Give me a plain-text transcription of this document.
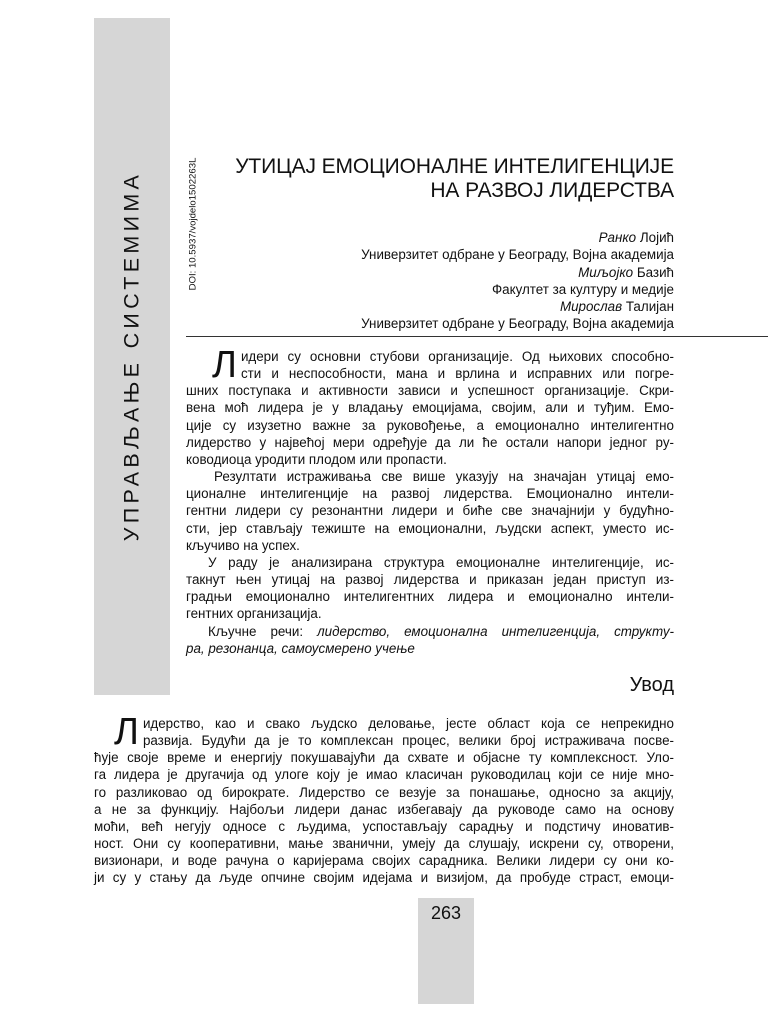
УПРАВЉАЊЕ СИСТЕМИМА	DOI: 10.5937/vojdelo1502263L	УТИЦАЈ ЕМОЦИОНАЛНЕ ИНТЕЛИГЕНЦИЈЕ
НА РАЗВОЈ ЛИДЕРСТВА
Ранко Лојић
Универзитет одбране у Београду, Војна академија
Миљојко Базић
Факултет за културу и медије
Мирослав Талијан
Универзитет одбране у Београду, Војна академија

Л идери су основни стубови организације. Од њихових способно-
сти и неспособности, мана и врлина и исправних или погре-
шних поступака и активности зависи и успешност организације. Скри-
вена моћ лидера је у владању емоцијама, својим, али и туђим. Емо-
ције су изузетно важне за руковођење, а емоционално интелигентно
лидерство у највећој мери одређује да ли ће остали напори једног ру-
ководиоца уродити плодом или пропасти.

Резултати истраживања све више указују на значајан утицај емо-
ционалне интелигенције на развој лидерства. Емоционално интели-
гентни лидери су резонантни лидери и биће све значајнији у будућно-
сти, јер стављају тежиште на емоционални, људски аспект, уместо ис-
кључиво на успех.

У раду је анализирана структура емоционалне интелигенције, ис-
такнут њен утицај на развој лидерства и приказан један приступ из-
градњи емоционално интелигентних лидера и емоционално интели-
гентних организација.

Кључне речи: лидерство, емоционална интелигенција, структу-

ра, резонанца, самоусмерено учење

Увод

Л идерство, као и свако људско деловање, јесте област која се непрекидно
развија. Будући да је то комплексан процес, велики број истраживача посве-
ћује своје време и енергију покушавајући да схвате и објасне ту комплексност. Уло-
га лидера је другачија од улоге коју је имао класичан руководилац који се није мно-
го разликовао од бирократе. Лидерство се везује за понашање, односно за акцију,
а не за функцију. Најбољи лидери данас избегавају да руководе само на основу
моћи, већ негују односе с људима, успостављају сарадњу и подстичу иноватив-
ност. Они су кооперативни, мање званични, умеју да слушају, искрени су, отворени,
визионари, и воде рачуна о каријерама својих сарадника. Велики лидери су они ко-
ји су у стању да људе опчине својим идејама и визијом, да пробуде страст, емоци-

263
